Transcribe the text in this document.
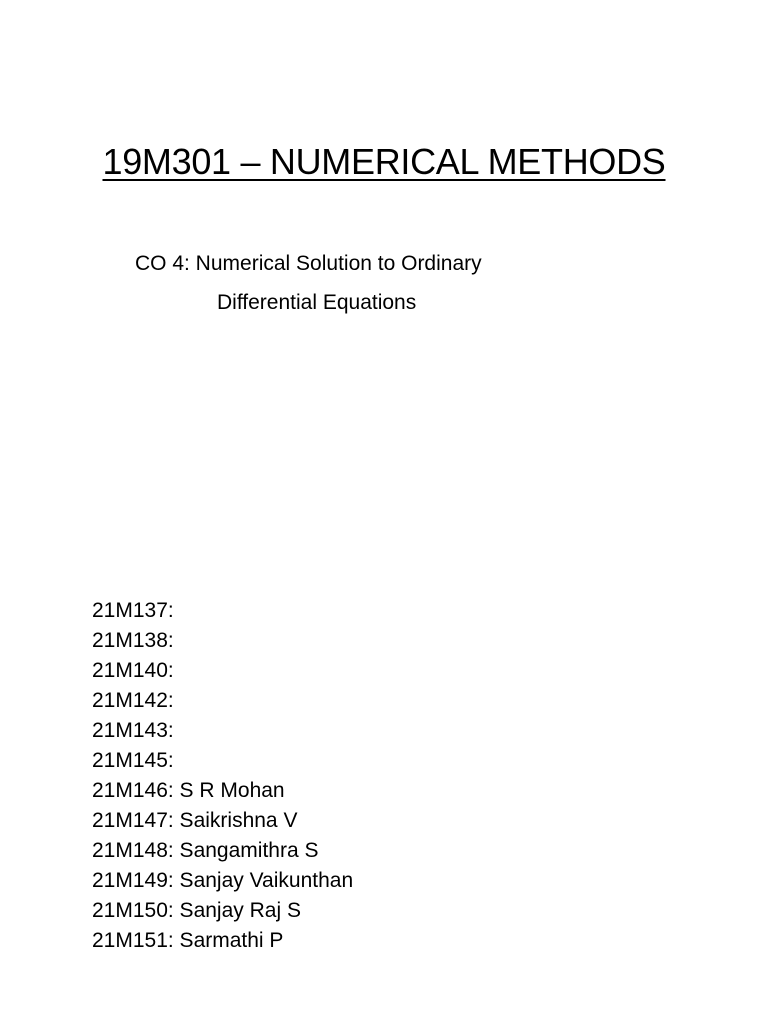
19M301 – NUMERICAL METHODS
CO 4: Numerical Solution to Ordinary
Differential Equations
21M137:
21M138:
21M140:
21M142:
21M143:
21M145:
21M146: S R Mohan
21M147: Saikrishna V
21M148: Sangamithra S
21M149: Sanjay Vaikunthan
21M150: Sanjay Raj S
21M151: Sarmathi P
